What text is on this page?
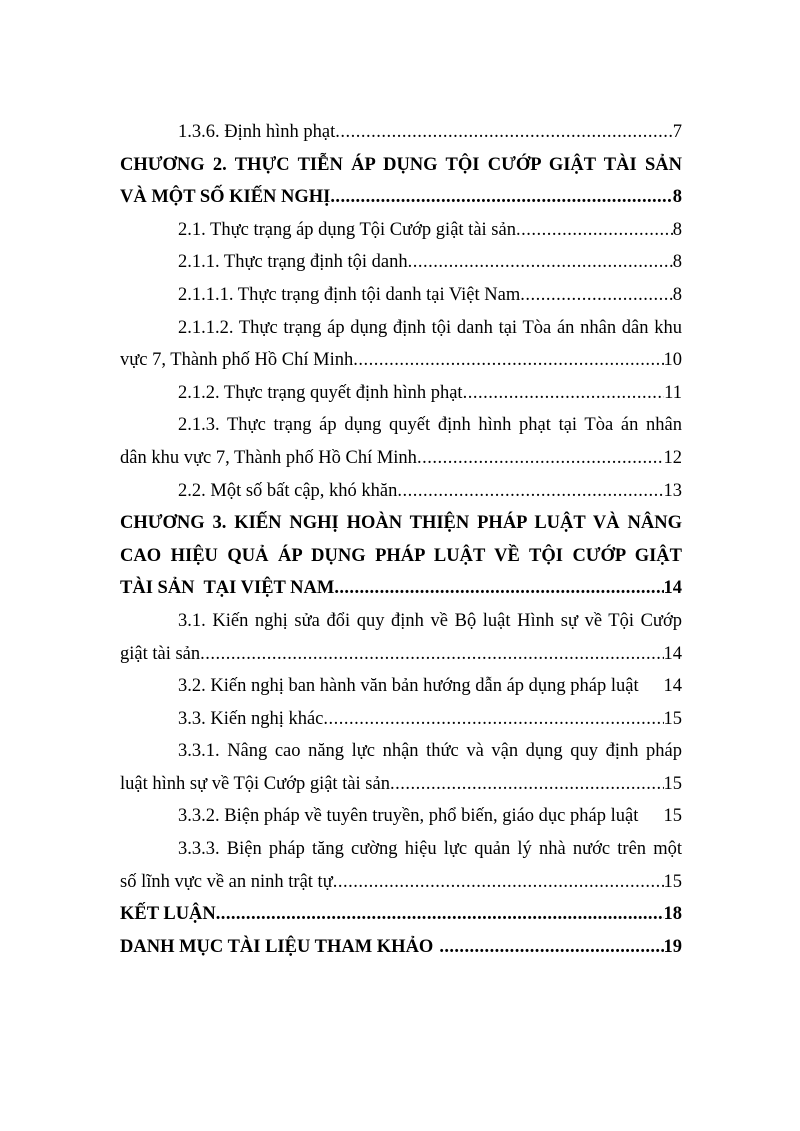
1.3.6. Định hình phạt .....	7
CHƯƠNG 2. THỰC TIỄN ÁP DỤNG TỘI CƯỚP GIẬT TÀI SẢN
VÀ MỘT SỐ KIẾN NGHỊ .....	8
2.1. Thực trạng áp dụng Tội Cướp giật tài sản .....	8
2.1.1. Thực trạng định tội danh .....	8
2.1.1.1. Thực trạng định tội danh tại Việt Nam .....	8
2.1.1.2. Thực trạng áp dụng định tội danh tại Tòa án nhân dân khu
vực 7, Thành phố Hồ Chí Minh .....	10
2.1.2. Thực trạng quyết định hình phạt .....	11
2.1.3. Thực trạng áp dụng quyết định hình phạt tại Tòa án nhân
dân khu vực 7, Thành phố Hồ Chí Minh .....	12
2.2. Một số bất cập, khó khăn .....	13
CHƯƠNG 3. KIẾN NGHỊ HOÀN THIỆN PHÁP LUẬT VÀ NÂNG
CAO HIỆU QUẢ ÁP DỤNG PHÁP LUẬT VỀ TỘI CƯỚP GIẬT
TÀI SẢN  TẠI VIỆT NAM .....	14
3.1. Kiến nghị sửa đổi quy định về Bộ luật Hình sự về Tội Cướp
giật tài sản .....	14
3.2. Kiến nghị ban hành văn bản hướng dẫn áp dụng pháp luật 14
3.3. Kiến nghị khác .....	15
3.3.1. Nâng cao năng lực nhận thức và vận dụng quy định pháp
luật hình sự về Tội Cướp giật tài sản .....	15
3.3.2. Biện pháp về tuyên truyền, phổ biến, giáo dục pháp luật 15
3.3.3. Biện pháp tăng cường hiệu lực quản lý nhà nước trên một
số lĩnh vực về an ninh trật tự .....	15
KẾT LUẬN .....	18
DANH MỤC TÀI LIỆU THAM KHẢO .....	19
